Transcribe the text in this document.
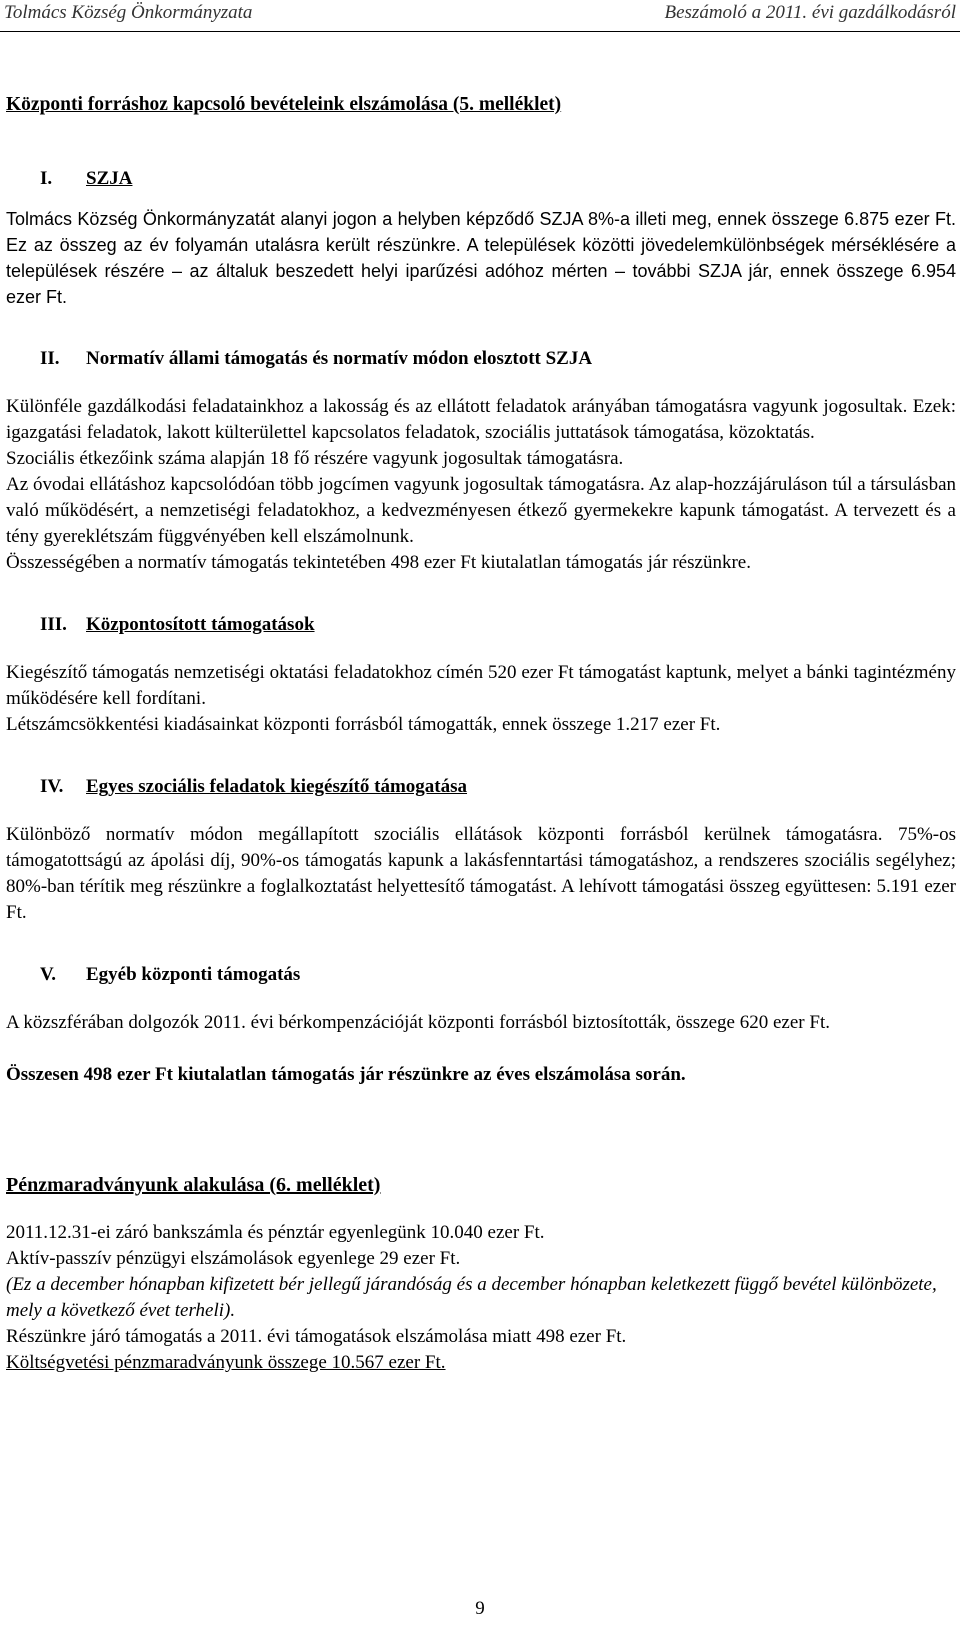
Tolmács Község Önkormányzata	Beszámoló a 2011. évi gazdálkodásról
Központi forráshoz kapcsoló bevételeink elszámolása (5. melléklet)
I.	SZJA

Tolmács Község Önkormányzatát alanyi jogon a helyben képződő SZJA 8%-a illeti meg, ennek összege 6.875 ezer Ft. Ez az összeg az év folyamán utalásra került részünkre. A települések közötti jövedelemkülönbségek mérséklésére a települések részére – az általuk beszedett helyi iparűzési adóhoz mérten – további SZJA jár, ennek összege 6.954 ezer Ft.

II.	Normatív állami támogatás és normatív módon elosztott SZJA

Különféle gazdálkodási feladatainkhoz a lakosság és az ellátott feladatok arányában támogatásra vagyunk jogosultak. Ezek: igazgatási feladatok, lakott külterülettel kapcsolatos feladatok, szociális juttatások támogatása, közoktatás.

Szociális étkezőink száma alapján 18 fő részére vagyunk jogosultak támogatásra.

Az óvodai ellátáshoz kapcsolódóan több jogcímen vagyunk jogosultak támogatásra. Az alap-hozzájáruláson túl a társulásban való működésért, a nemzetiségi feladatokhoz, a kedvezményesen étkező gyermekekre kapunk támogatást. A tervezett és a tény gyereklétszám függvényében kell elszámolnunk.

Összességében a normatív támogatás tekintetében 498 ezer Ft kiutalatlan támogatás jár részünkre.

III.	Központosított támogatások

Kiegészítő támogatás nemzetiségi oktatási feladatokhoz címén 520 ezer Ft támogatást kaptunk, melyet a bánki tagintézmény működésére kell fordítani.

Létszámcsökkentési kiadásainkat központi forrásból támogatták, ennek összege 1.217 ezer Ft.

IV.	Egyes szociális feladatok kiegészítő támogatása

Különböző normatív módon megállapított szociális ellátások központi forrásból kerülnek támogatásra. 75%-os támogatottságú az ápolási díj, 90%-os támogatás kapunk a lakásfenntartási támogatáshoz, a rendszeres szociális segélyhez; 80%-ban térítik meg részünkre a foglalkoztatást helyettesítő támogatást. A lehívott támogatási összeg együttesen: 5.191 ezer Ft.

V.	Egyéb központi támogatás

A közszférában dolgozók 2011. évi bérkompenzációját központi forrásból biztosították, összege 620 ezer Ft.

Összesen 498 ezer Ft kiutalatlan támogatás jár részünkre az éves elszámolása során.
Pénzmaradványunk alakulása (6. melléklet)
2011.12.31-ei záró bankszámla és pénztár egyenlegünk 10.040 ezer Ft.
Aktív-passzív pénzügyi elszámolások egyenlege 29 ezer Ft.
(Ez a december hónapban kifizetett bér jellegű járandóság és a december hónapban keletkezett függő bevétel különbözete, mely a következő évet terheli).
Részünkre járó támogatás a 2011. évi támogatások elszámolása miatt 498 ezer Ft.
Költségvetési pénzmaradványunk összege 10.567 ezer Ft.
9
